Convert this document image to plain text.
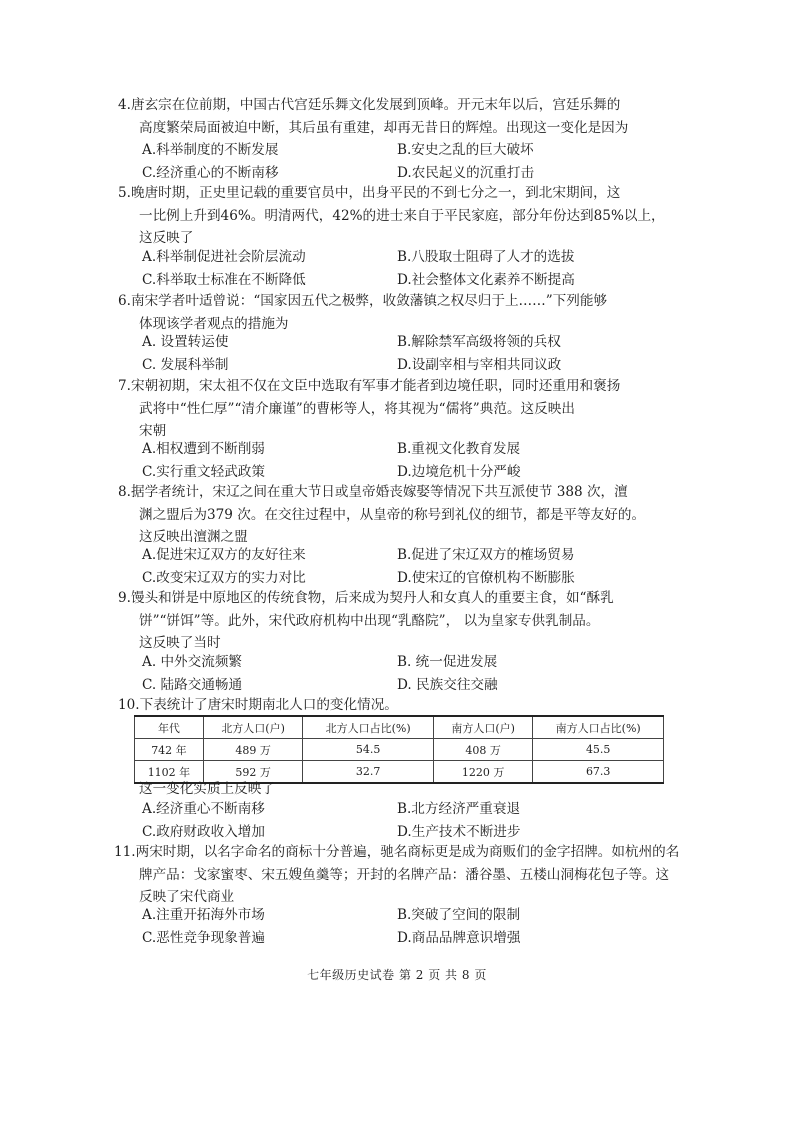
4.唐玄宗在位前期，中国古代宫廷乐舞文化发展到顶峰。开元末年以后，宫廷乐舞的
高度繁荣局面被迫中断，其后虽有重建，却再无昔日的辉煌。出现这一变化是因为
A.科举制度的不断发展	B.安史之乱的巨大破坏
C.经济重心的不断南移	D.农民起义的沉重打击
5.晚唐时期，正史里记载的重要官员中，出身平民的不到七分之一，到北宋期间，这
一比例上升到46%。明清两代，42%的进士来自于平民家庭，部分年份达到85%以上，
这反映了
A.科举制促进社会阶层流动	B.八股取士阻碍了人才的选拔
C.科举取士标准在不断降低	D.社会整体文化素养不断提高
6.南宋学者叶适曾说：“国家因五代之极弊，收敛藩镇之权尽归于上……”下列能够
体现该学者观点的措施为
A. 设置转运使	B.解除禁军高级将领的兵权
C. 发展科举制	D.设副宰相与宰相共同议政
7.宋朝初期，宋太祖不仅在文臣中选取有军事才能者到边境任职，同时还重用和褒扬
武将中“性仁厚”“清介廉谨”的曹彬等人，将其视为“儒将”典范。这反映出
宋朝
A.相权遭到不断削弱	B.重视文化教育发展
C.实行重文轻武政策	D.边境危机十分严峻
8.据学者统计，宋辽之间在重大节日或皇帝婚丧嫁娶等情况下共互派使节 388 次，澶
渊之盟后为379 次。在交往过程中，从皇帝的称号到礼仪的细节，都是平等友好的。
这反映出澶渊之盟
A.促进宋辽双方的友好往来	B.促进了宋辽双方的榷场贸易
C.改变宋辽双方的实力对比	D.使宋辽的官僚机构不断膨胀
9.馒头和饼是中原地区的传统食物，后来成为契丹人和女真人的重要主食，如“酥乳
饼”“饼饵”等。此外，宋代政府机构中出现“乳酪院”， 以为皇家专供乳制品。
这反映了当时
A. 中外交流频繁	B. 统一促进发展
C. 陆路交通畅通	D. 民族交往交融
10.下表统计了唐宋时期南北人口的变化情况。
年代	北方人口(户)	北方人口占比(%)	南方人口(户)	南方人口占比(%)
742 年	489 万	54.5	408 万	45.5
1102 年	592 万	32.7	1220 万	67.3
这一变化实质上反映了
A.经济重心不断南移	B.北方经济严重衰退
C.政府财政收入增加	D.生产技术不断进步
11.两宋时期，以名字命名的商标十分普遍，驰名商标更是成为商贩们的金字招牌。如杭州的名
牌产品：戈家蜜枣、宋五嫂鱼羹等；开封的名牌产品：潘谷墨、五楼山洞梅花包子等。这
反映了宋代商业
A.注重开拓海外市场	B.突破了空间的限制
C.恶性竞争现象普遍	D.商品品牌意识增强
七年级历史试卷 第 2 页 共 8 页
